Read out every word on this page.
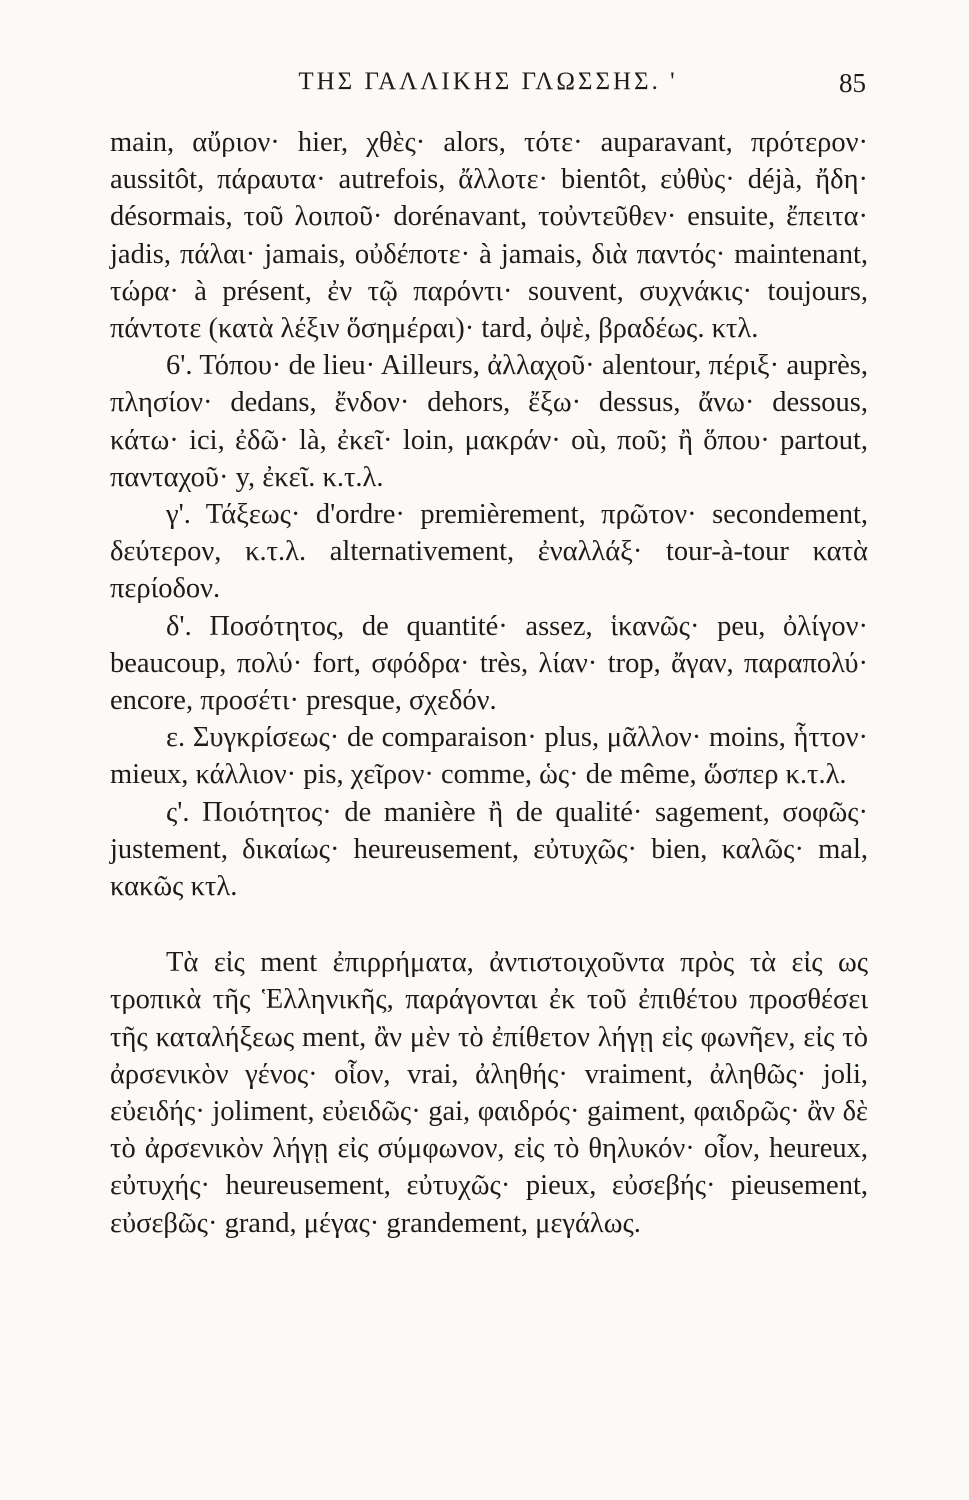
ΤΗΣ ΓΑΛΛΙΚΗΣ ΓΛΩΣΣΗΣ. '	85

main, αὔριον· hier, χθὲς· alors, τότε· auparavant, πρότερον· aussitôt, πάραυτα· autrefois, ἄλλοτε· bientôt, εὐθὺς· déjà, ἤδη· désormais, τοῦ λοιποῦ· dorénavant, τοὐντεῦθεν· ensuite, ἔπειτα· jadis, πάλαι· jamais, οὐδέποτε· à jamais, διὰ παντός· maintenant, τώρα· à présent, ἐν τῷ παρόντι· souvent, συχνάκις· toujours, πάντοτε (κατὰ λέξιν ὅσημέραι)· tard, ὀψὲ, βραδέως. κτλ.

6'. Τόπου· de lieu· Ailleurs, ἀλλαχοῦ· alentour, πέριξ· auprès, πλησίον· dedans, ἔνδον· dehors, ἔξω· dessus, ἄνω· dessous, κάτω· ici, ἐδῶ· là, ἐκεῖ· loin, μακράν· où, ποῦ; ἢ ὅπου· partout, πανταχοῦ· y, ἐκεῖ. κ.τ.λ.

γ'. Τάξεως· d'ordre· premièrement, πρῶτον· secondement, δεύτερον, κ.τ.λ. alternativement, ἐναλλάξ· tour-à-tour κατὰ περίοδον.

δ'. Ποσότητος, de quantité· assez, ἱκανῶς· peu, ὀλίγον· beaucoup, πολύ· fort, σφόδρα· très, λίαν· trop, ἄγαν, παραπολύ· encore, προσέτι· presque, σχεδόν.

ε. Συγκρίσεως· de comparaison· plus, μᾶλλον· moins, ἧττον· mieux, κάλλιον· pis, χεῖρον· comme, ὡς· de même, ὥσπερ κ.τ.λ.

ς'. Ποιότητος· de manière ἢ de qualité· sagement, σοφῶς· justement, δικαίως· heureusement, εὐτυχῶς· bien, καλῶς· mal, κακῶς κτλ.

Τὰ εἰς ment ἐπιρρήματα, ἀντιστοιχοῦντα πρὸς τὰ εἰς ως τροπικὰ τῆς Ἑλληνικῆς, παράγονται ἐκ τοῦ ἐπιθέτου προσθέσει τῆς καταλήξεως ment, ἂν μὲν τὸ ἐπίθετον λήγῃ εἰς φωνῆεν, εἰς τὸ ἀρσενικὸν γένος· οἷον, vrai, ἀληθής· vraiment, ἀληθῶς· joli, εὐειδής· joliment, εὐειδῶς· gai, φαιδρός· gaiment, φαιδρῶς· ἂν δὲ τὸ ἀρσενικὸν λήγῃ εἰς σύμφωνον, εἰς τὸ θηλυκόν· οἷον, heureux, εὐτυχής· heureusement, εὐτυχῶς· pieux, εὐσεβής· pieusement, εὐσεβῶς· grand, μέγας· grandement, μεγάλως.
